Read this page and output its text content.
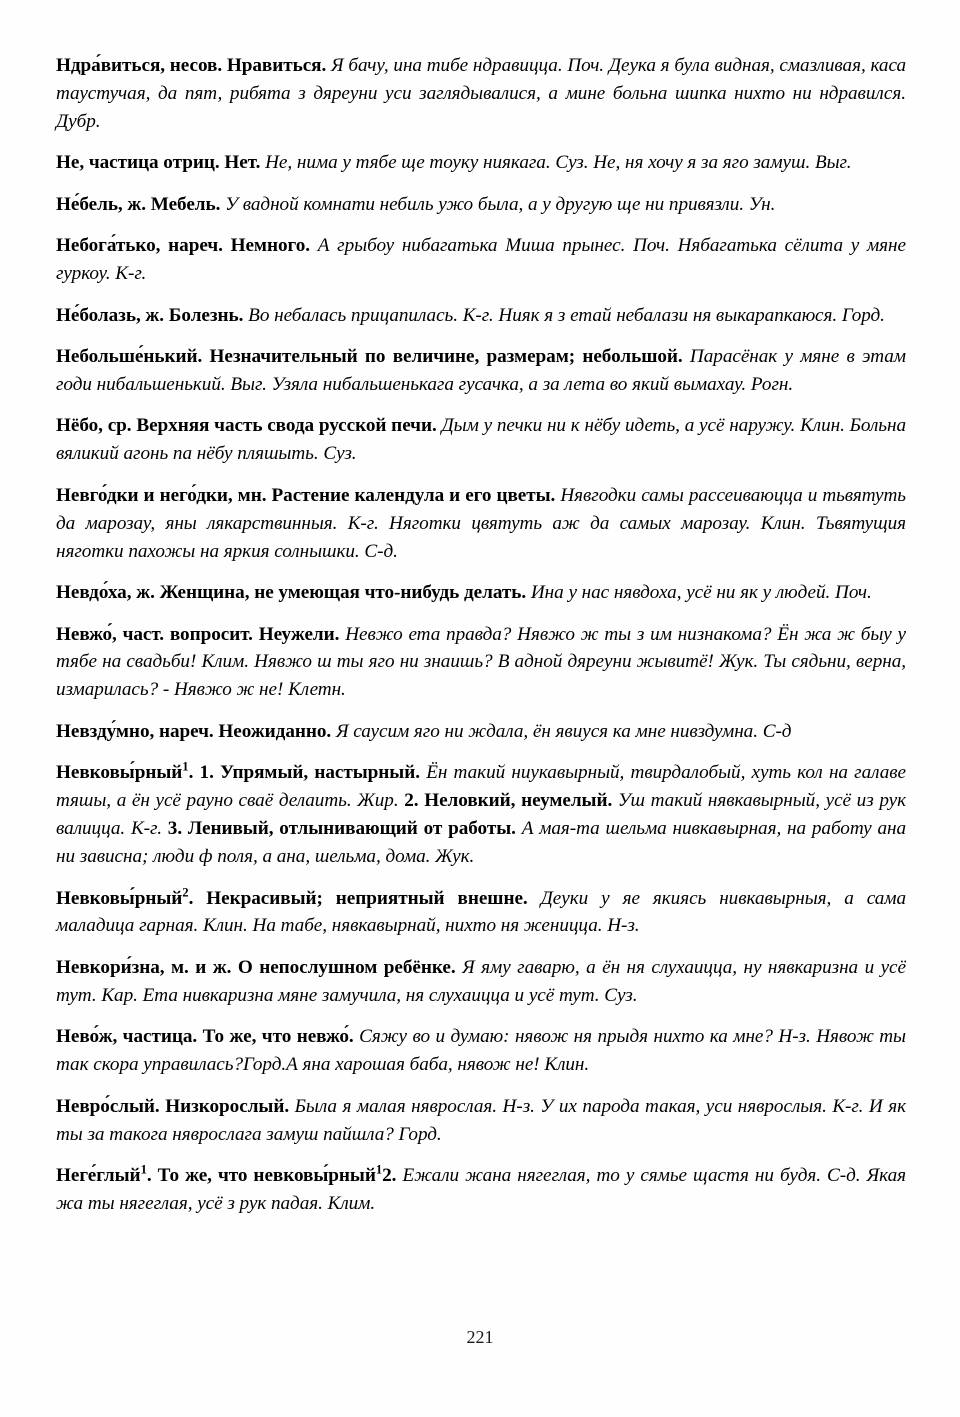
Ндра́виться, несов. Нравиться. Я бачу, ина тибе ндравицца. Поч. Деука я була видная, смазливая, каса таустучая, да пят, рибята з дяреуни уси заглядывалися, а мине больна шипка нихто ни ндравился. Дубр.

Не, частица отриц. Нет. Не, нима у тябе ще тоуку ниякага. Суз. Не, ня хочу я за яго замуш. Выг.

Не́бель, ж. Мебель. У вадной комнати небиль ужо была, а у другую ще ни привязли. Ун.

Небога́тько, нареч. Немного. А грыбоу нибагатька Миша прынес. Поч. Нябагатька сёлита у мяне гуркоу. К-г.

Не́болазь, ж. Болезнь. Во небалась прицапилась. К-г. Нияк я з етай небалази ня выкарапкаюся. Горд.

Небольше́нький. Незначительный по величине, размерам; небольшой. Парасёнак у мяне в этам годи нибальшенький. Выг. Узяла нибальшенькага гусачка, а за лета во який вымахау. Рогн.

Нёбо, ср. Верхняя часть свода русской печи. Дым у печки ни к нёбу идеть, а усё наружу. Клин. Больна вяликий агонь па нёбу пляшыть. Суз.

Невго́дки и него́дки, мн. Растение календула и его цветы. Нявгодки самы рассеиваюцца и тьвятуть да марозау, яны лякарствинныя. К-г. Няготки цвятуть аж да самых марозау. Клин. Тьвятущия няготки пахожы на яркия солнышки. С-д.

Невдо́ха, ж. Женщина, не умеющая что-нибудь делать. Ина у нас нявдоха, усё ни як у людей. Поч.

Невжо́, част. вопросит. Неужели. Невжо ета правда? Нявжо ж ты з им низнакома? Ён жа ж быу у тябе на свадьби! Клим. Нявжо ш ты яго ни знаишь? В адной дяреуни жывитё! Жук. Ты сядьни, верна, измарилась? - Нявжо ж не! Клетн.

Невзду́мно, нареч. Неожиданно. Я саусим яго ни ждала, ён явиуся ка мне нивздумна. С-д

Невковы́рный$^1$. 1. Упрямый, настырный. Ён такий ниукавырный, твирдалобый, хуть кол на галаве тяшы, а ён усё рауно сваё делаить. Жир. 2. Неловкий, неумелый. Уш такий нявкавырный, усё из рук валицца. К-г. 3. Ленивый, отлынивающий от работы. А мая-та шельма нивкавырная, на работу ана ни зависна; люди ф поля, а ана, шельма, дома. Жук.

Невковы́рный$^2$. Некрасивый; неприятный внешне. Деуки у яе якиясь нивкавырныя, а сама маладица гарная. Клин. На табе, нявкавырнай, нихто ня женицца. Н-з.

Невкори́зна, м. и ж. О непослушном ребёнке. Я яму гаварю, а ён ня слухаицца, ну нявкаризна и усё тут. Кар. Ета нивкаризна мяне замучила, ня слухаицца и усё тут. Суз.

Нево́ж, частица. То же, что невжо́. Сяжу во и думаю: нявож ня прыдя нихто ка мне? Н-з. Нявож ты так скора управилась?Горд.А яна харошая баба, нявож не! Клин.

Невро́слый. Низкорослый. Была я малая няврослая. Н-з. У их парода такая, уси няврослыя. К-г. И як ты за такога няврослага замуш пайшла? Горд.

Неге́глый$^1$. То же, что невковы́рный$^1$2. Ежали жана нягеглая, то у сямье щастя ни будя. С-д. Якая жа ты нягеглая, усё з рук падая. Клим.

221
